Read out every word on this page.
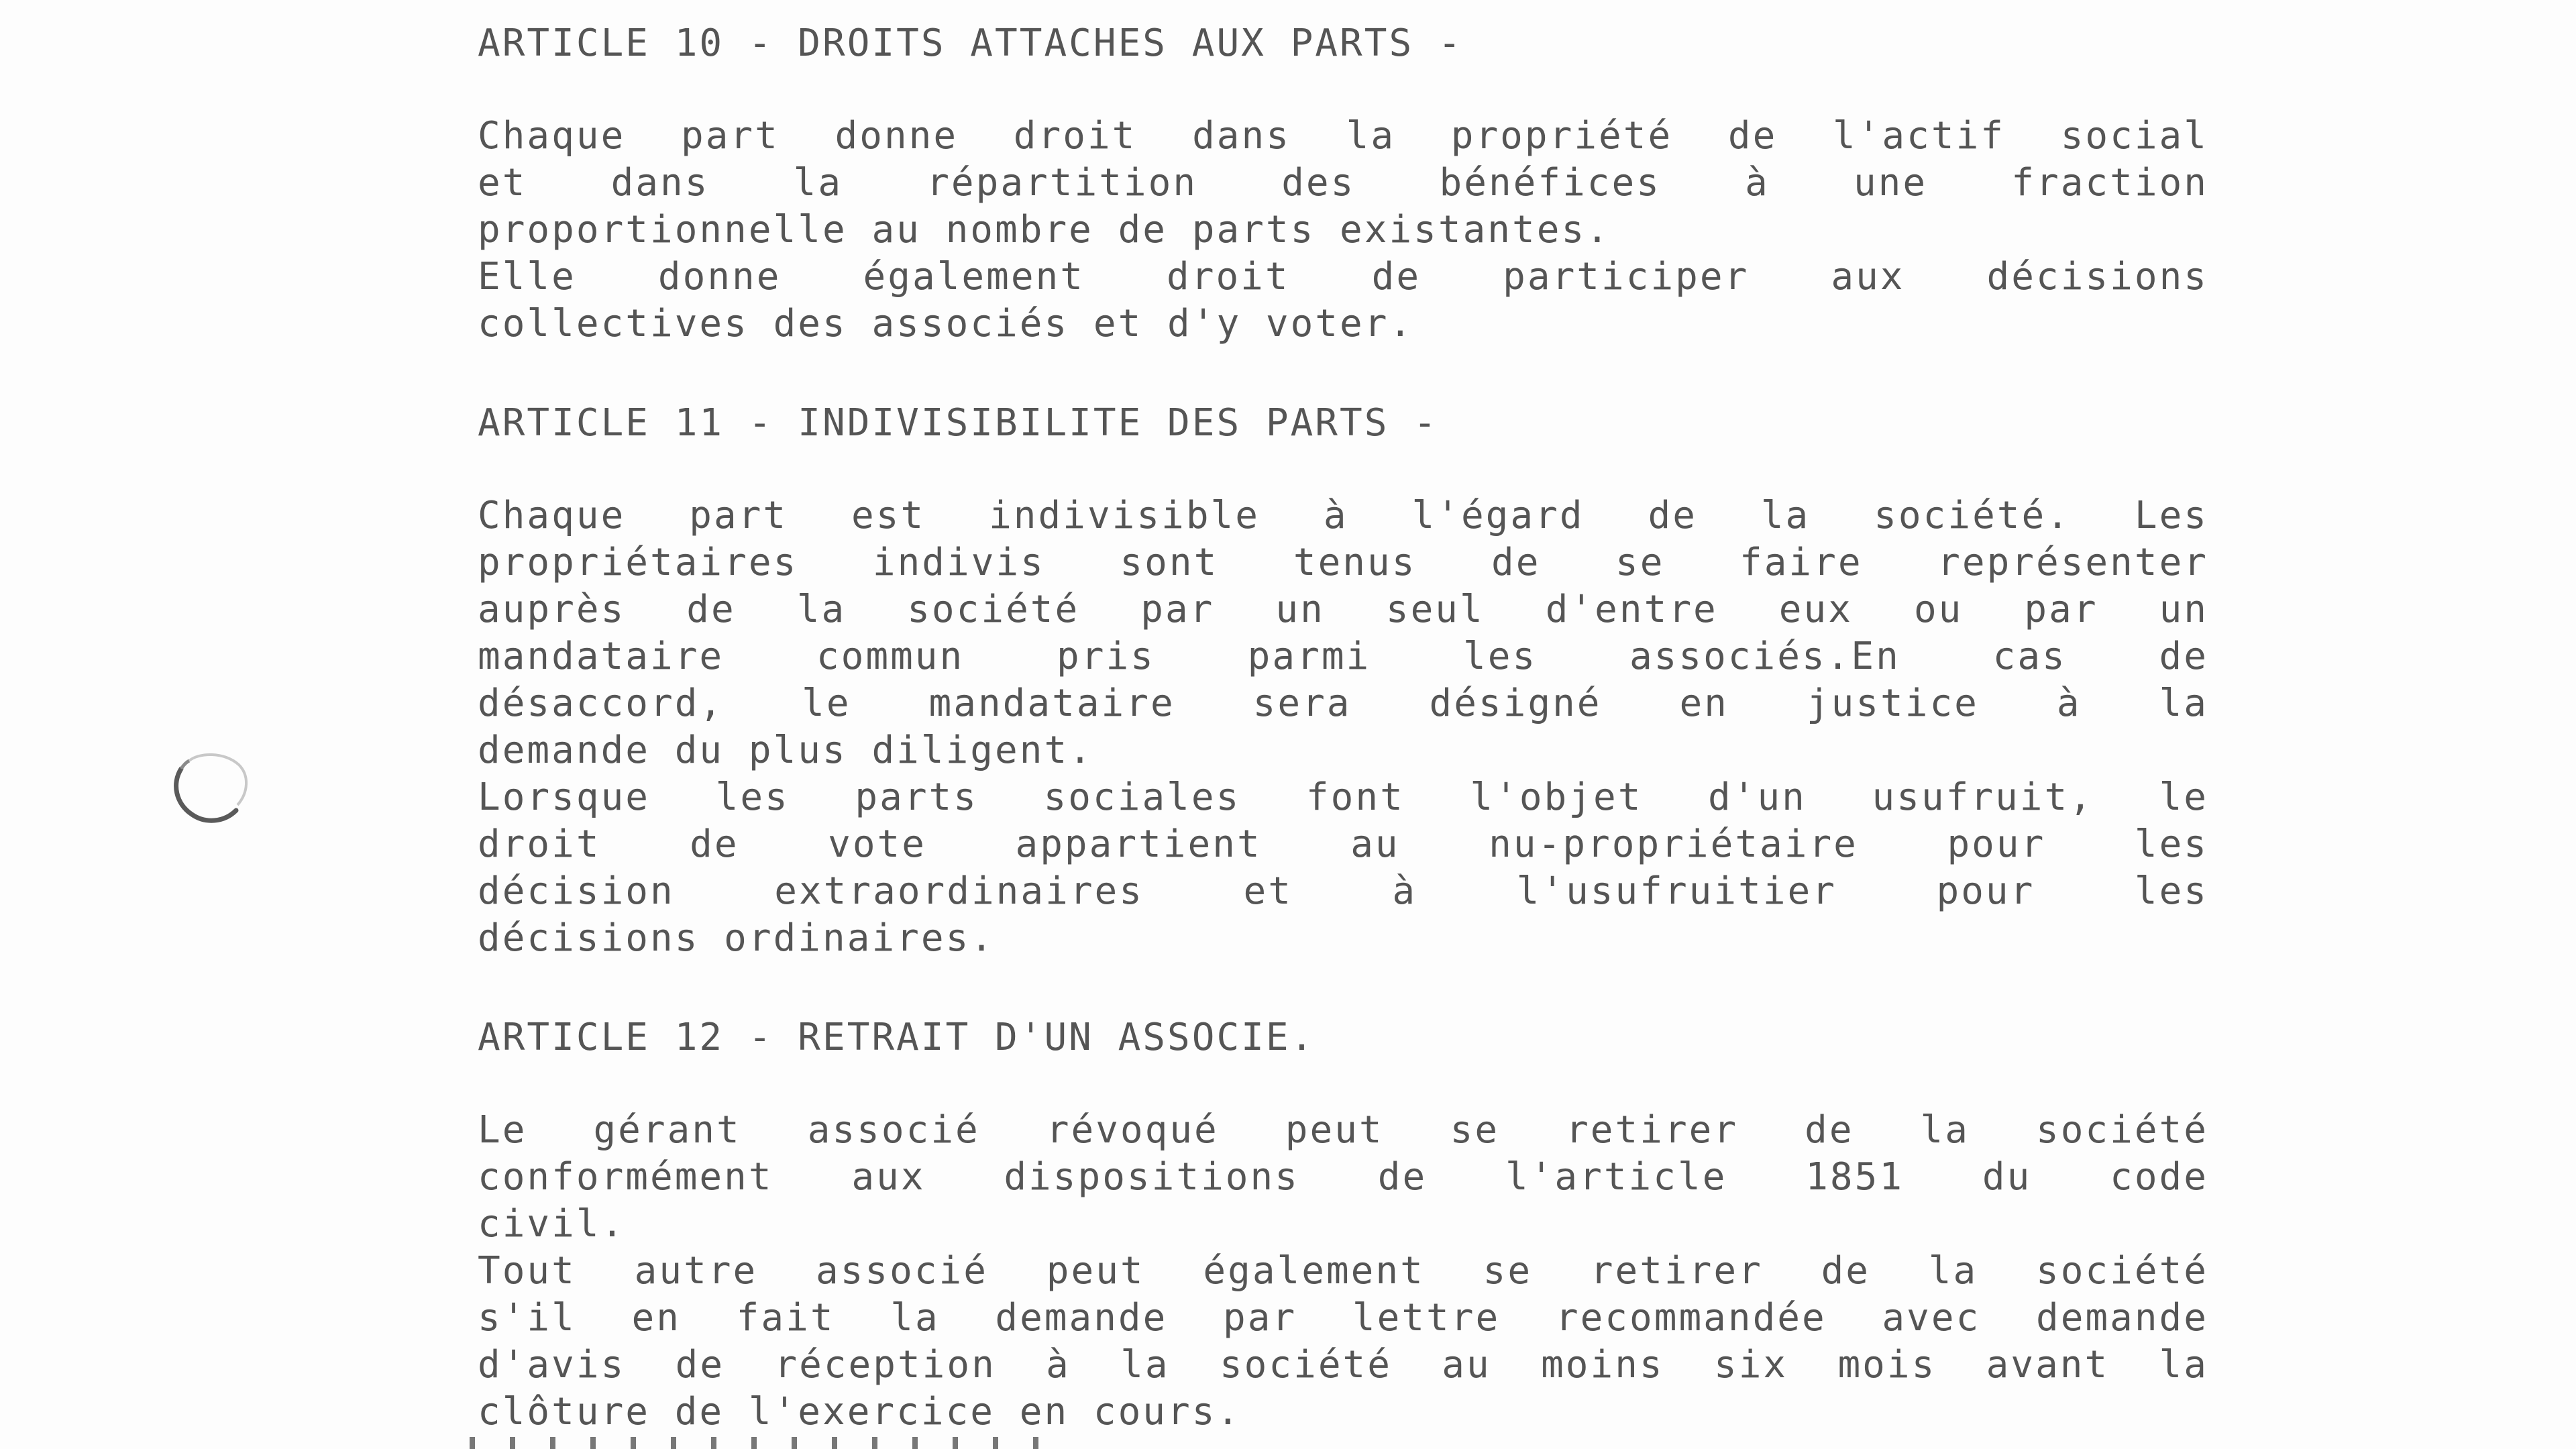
ARTICLE 10 - DROITS ATTACHES AUX PARTS -

Chaque part donne droit dans la propriété de l'actif social
et dans la répartition des bénéfices à une fraction
proportionnelle au nombre de parts existantes.
Elle donne également droit de participer aux décisions
collectives des associés et d'y voter.

ARTICLE 11 - INDIVISIBILITE DES PARTS -

Chaque part est indivisible à l'égard de la société. Les
propriétaires indivis sont tenus de se faire représenter
auprès de la société par un seul d'entre eux ou par un
mandataire commun pris parmi les associés.En cas de
désaccord, le mandataire sera désigné en justice à la
demande du plus diligent.
Lorsque les parts sociales font l'objet d'un usufruit, le
droit de vote appartient au nu-propriétaire pour les
décision extraordinaires et à l'usufruitier pour les
décisions ordinaires.

ARTICLE 12 - RETRAIT D'UN ASSOCIE.

Le gérant associé révoqué peut se retirer de la société
conformément aux dispositions de l'article 1851 du code
civil.
Tout autre associé peut également se retirer de la société
s'il en fait la demande par lettre recommandée avec demande
d'avis de réception à la société au moins six mois avant la
clôture de l'exercice en cours.
